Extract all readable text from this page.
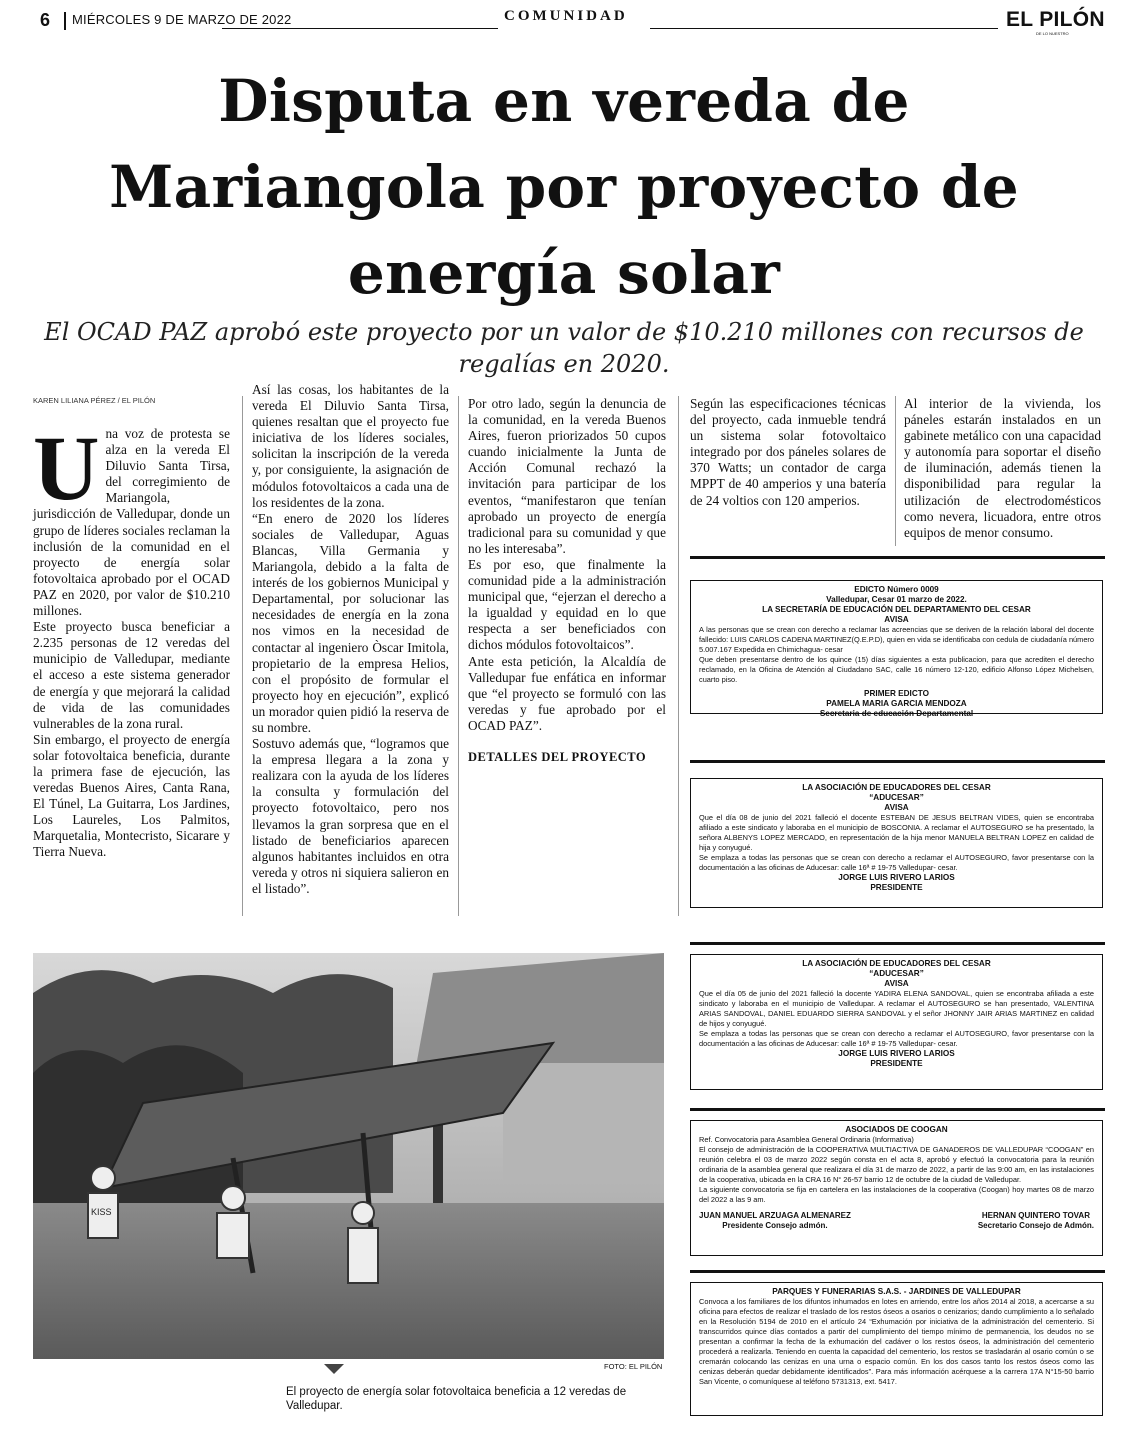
6 MIÉRCOLES 9 DE MARZO DE 2022	COMUNIDAD	EL PILÓN
DE LO NUESTRO
Disputa en vereda de Mariangola por proyecto de energía solar
El OCAD PAZ aprobó este proyecto por un valor de $10.210 millones con recursos de regalías en 2020.
KAREN LILIANA PÉREZ / EL PILÓN

Una voz de protesta se alza en la vereda El Diluvio Santa Tirsa, del corregimiento de Mariangola, jurisdicción de Valledupar, donde un grupo de líderes sociales reclaman la inclusión de la comunidad en el proyecto de energía solar fotovoltaica aprobado por el OCAD PAZ en 2020, por valor de $10.210 millones.

Este proyecto busca beneficiar a 2.235 personas de 12 veredas del municipio de Valledupar, mediante el acceso a este sistema generador de energía y que mejorará la calidad de vida de las comunidades vulnerables de la zona rural.

Sin embargo, el proyecto de energía solar fotovoltaica beneficia, durante la primera fase de ejecución, las veredas Buenos Aires, Canta Rana, El Túnel, La Guitarra, Los Jardines, Los Laureles, Los Palmitos, Marquetalia, Montecristo, Sicarare y Tierra Nueva.

Así las cosas, los habitantes de la vereda El Diluvio Santa Tirsa, quienes resaltan que el proyecto fue iniciativa de los líderes sociales, solicitan la inscripción de la vereda y, por consiguiente, la asignación de módulos fotovoltaicos a cada una de los residentes de la zona.

“En enero de 2020 los líderes sociales de Valledupar, Aguas Blancas, Villa Germania y Mariangola, debido a la falta de interés de los gobiernos Municipal y Departamental, por solucionar las necesidades de energía en la zona nos vimos en la necesidad de contactar al ingeniero Òscar Imitola, propietario de la empresa Helios, con el propósito de formular el proyecto hoy en ejecución”, explicó un morador quien pidió la reserva de su nombre.

Sostuvo además que, “logramos que la empresa llegara a la zona y realizara con la ayuda de los líderes la consulta y formulación del proyecto fotovoltaico, pero nos llevamos la gran sorpresa que en el listado de beneficiarios aparecen algunos habitantes incluidos en otra vereda y otros ni siquiera salieron en el listado”.

Por otro lado, según la denuncia de la comunidad, en la vereda Buenos Aires, fueron priorizados 50 cupos cuando inicialmente la Junta de Acción Comunal rechazó la invitación para participar de los eventos, “manifestaron que tenían aprobado un proyecto de energía tradicional para su comunidad y que no les interesaba”.

Es por eso, que finalmente la comunidad pide a la administración municipal que, “ejerzan el derecho a la igualdad y equidad en lo que respecta a ser beneficiados con dichos módulos fotovoltaicos”.

Ante esta petición, la Alcaldía de Valledupar fue enfática en informar que “el proyecto se formuló con las veredas y fue aprobado por el OCAD PAZ”.

DETALLES DEL PROYECTO

Según las especificaciones técnicas del proyecto, cada inmueble tendrá un sistema solar fotovoltaico integrado por dos páneles solares de 370 Watts; un contador de carga MPPT de 40 amperios y una batería de 24 voltios con 120 amperios.

Al interior de la vivienda, los páneles estarán instalados en un gabinete metálico con una capacidad y autonomía para soportar el diseño de iluminación, además tienen la disponibilidad para regular la utilización de electrodomésticos como nevera, licuadora, entre otros equipos de menor consumo.

KISS
FOTO: EL PILÓN
El proyecto de energía solar fotovoltaica beneficia a 12 veredas de Valledupar.
EDICTO Número 0009
Valledupar, Cesar 01 marzo de 2022.
LA SECRETARÍA DE EDUCACIÓN DEL DEPARTAMENTO DEL CESAR
AVISA
A las personas que se crean con derecho a reclamar las acreencias que se deriven de la relación laboral del docente fallecido: LUIS CARLOS CADENA MARTINEZ(Q.E.P.D), quien en vida se identificaba con cedula de ciudadanía número 5.007.167 Expedida en Chimichagua- cesar
Que deben presentarse dentro de los quince (15) días siguientes a esta publicacion, para que acrediten el derecho reclamado, en la Oficina de Atención al Ciudadano SAC, calle 16 número 12-120, edificio Alfonso López Michelsen, cuarto piso.
PRIMER EDICTO
PAMELA MARIA GARCIA MENDOZA
Secretaria de educación Departamental
LA ASOCIACIÓN DE EDUCADORES DEL CESAR
“ADUCESAR”
AVISA
Que el día 08 de junio del 2021 falleció el docente ESTEBAN DE JESUS BELTRAN VIDES, quien se encontraba afiliado a este sindicato y laboraba en el municipio de BOSCONIA. A reclamar el AUTOSEGURO se ha presentado, la señora ALBENYS LOPEZ MERCADO, en representación de la hija menor MANUELA BELTRAN LOPEZ en calidad de hija y conyugué.
Se emplaza a todas las personas que se crean con derecho a reclamar el AUTOSEGURO, favor presentarse con la documentación a las oficinas de Aducesar: calle 16ª # 19-75 Valledupar- cesar.
JORGE LUIS RIVERO LARIOS
PRESIDENTE
LA ASOCIACIÓN DE EDUCADORES DEL CESAR
“ADUCESAR”
AVISA
Que el día 05 de junio del 2021 falleció la docente YADIRA ELENA SANDOVAL, quien se encontraba afiliada a este sindicato y laboraba en el municipio de Valledupar. A reclamar el AUTOSEGURO se han presentado, VALENTINA ARIAS SANDOVAL, DANIEL EDUARDO SIERRA SANDOVAL y el señor JHONNY JAIR ARIAS MARTINEZ en calidad de hijos y conyugué.
Se emplaza a todas las personas que se crean con derecho a reclamar el AUTOSEGURO, favor presentarse con la documentación a las oficinas de Aducesar: calle 16ª # 19-75 Valledupar- cesar.
JORGE LUIS RIVERO LARIOS
PRESIDENTE
ASOCIADOS DE COOGAN
Ref. Convocatoria para Asamblea General Ordinaria (Informativa)
El consejo de administración de la COOPERATIVA MULTIACTIVA DE GANADEROS DE VALLEDUPAR “COOGAN” en reunión celebra el 03 de marzo 2022 según consta en el acta 8, aprobó y efectuó la convocatoria para la reunión ordinaria de la asamblea general que realizara el día 31 de marzo de 2022, a partir de las 9:00 am, en las instalaciones de la cooperativa, ubicada en la CRA 16 N° 26-57 barrio 12 de octubre de la ciudad de Valledupar.
La siguiente convocatoria se fija en cartelera en las instalaciones de la cooperativa (Coogan) hoy martes 08 de marzo del 2022 a las 9 am.
JUAN MANUEL ARZUAGA ALMENAREZ
Presidente Consejo admón.
HERNAN QUINTERO TOVAR
Secretario Consejo de Admón.
PARQUES Y FUNERARIAS S.A.S. - JARDINES DE VALLEDUPAR
Convoca a los familiares de los difuntos inhumados en lotes en arriendo, entre los años 2014 al 2018, a acercarse a su oficina para efectos de realizar el traslado de los restos óseos a osarios o cenizarios; dando cumplimiento a lo señalado en la Resolución 5194 de 2010 en el artículo 24 “Exhumación por iniciativa de la administración del cementerio. Si transcurridos quince días contados a partir del cumplimiento del tiempo mínimo de permanencia, los deudos no se presentan a confirmar la fecha de la exhumación del cadáver o los restos óseos, la administración del cementerio procederá a realizarla. Teniendo en cuenta la capacidad del cementerio, los restos se trasladarán al osario común o se cremarán colocando las cenizas en una urna o espacio común. En los dos casos tanto los restos óseos como las cenizas deberán quedar debidamente identificados”. Para más información acérquese a la carrera 17A N°15-50 barrio San Vicente, o comuníquese al teléfono 5731313, ext. 5417.
